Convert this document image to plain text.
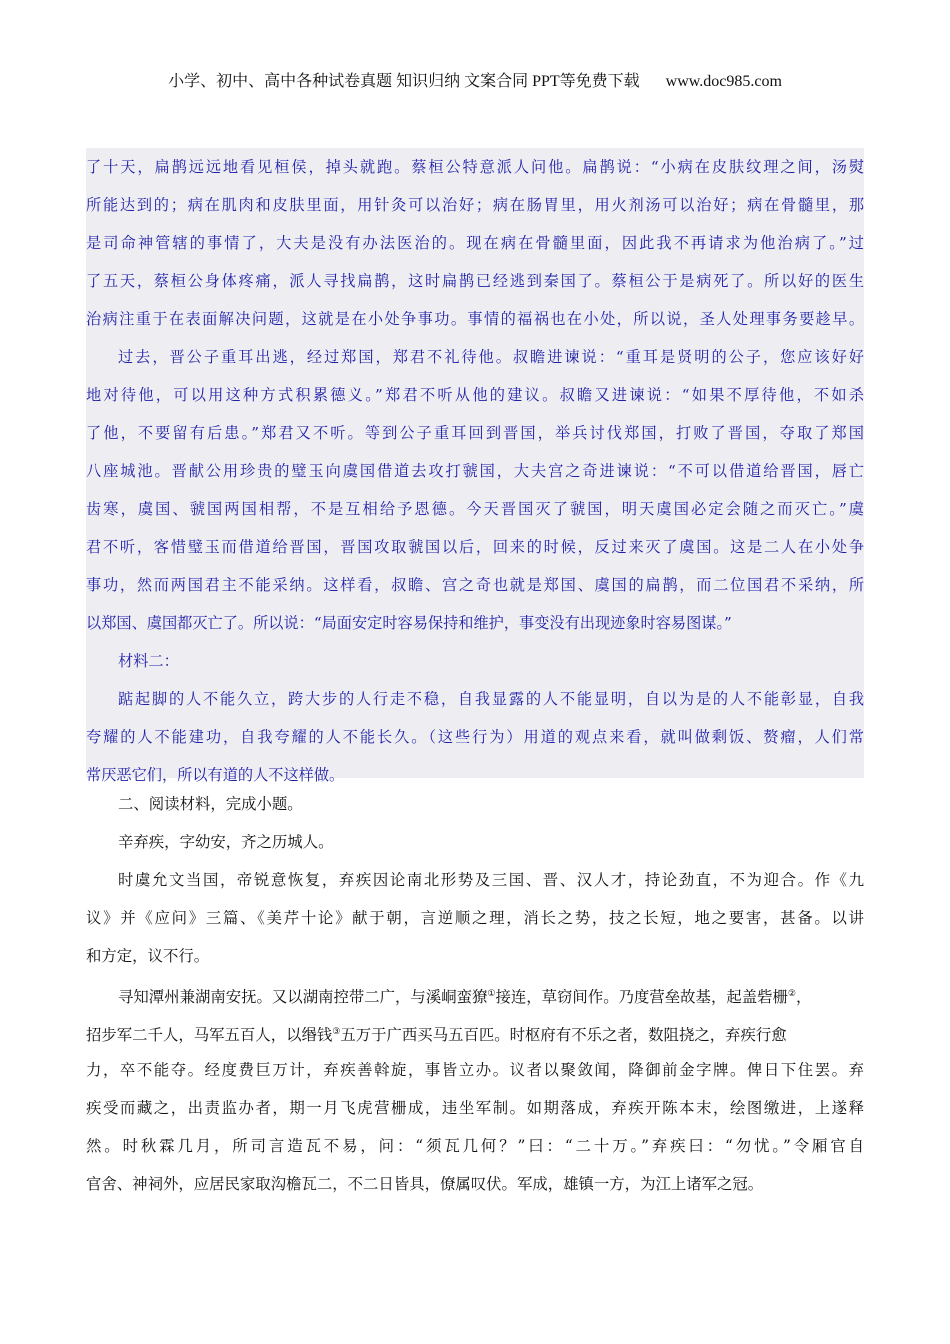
小学、初中、高中各种试卷真题 知识归纳 文案合同 PPT等免费下载 www.doc985.com
了十天，扁鹊远远地看见桓侯，掉头就跑。蔡桓公特意派人问他。扁鹊说：“小病在皮肤纹理之间，汤熨
所能达到的；病在肌肉和皮肤里面，用针灸可以治好；病在肠胃里，用火剂汤可以治好；病在骨髓里，那
是司命神管辖的事情了，大夫是没有办法医治的。现在病在骨髓里面，因此我不再请求为他治病了。”过
了五天，蔡桓公身体疼痛，派人寻找扁鹊，这时扁鹊已经逃到秦国了。蔡桓公于是病死了。所以好的医生
治病注重于在表面解决问题，这就是在小处争事功。事情的福祸也在小处，所以说，圣人处理事务要趁早。
过去，晋公子重耳出逃，经过郑国，郑君不礼待他。叔瞻进谏说：“重耳是贤明的公子，您应该好好
地对待他，可以用这种方式积累德义。”郑君不听从他的建议。叔瞻又进谏说：“如果不厚待他，不如杀
了他，不要留有后患。”郑君又不听。等到公子重耳回到晋国，举兵讨伐郑国，打败了晋国，夺取了郑国
八座城池。晋献公用珍贵的璧玉向虞国借道去攻打虢国，大夫宫之奇进谏说：“不可以借道给晋国，唇亡
齿寒，虞国、虢国两国相帮，不是互相给予恩德。今天晋国灭了虢国，明天虞国必定会随之而灭亡。”虞
君不听，客惜璧玉而借道给晋国，晋国攻取虢国以后，回来的时候，反过来灭了虞国。这是二人在小处争
事功，然而两国君主不能采纳。这样看，叔瞻、宫之奇也就是郑国、虞国的扁鹊，而二位国君不采纳，所
以郑国、虞国都灭亡了。所以说：“局面安定时容易保持和维护，事变没有出现迹象时容易图谋。”
材料二：
踮起脚的人不能久立，跨大步的人行走不稳，自我显露的人不能显明，自以为是的人不能彰显，自我
夸耀的人不能建功，自我夸耀的人不能长久。（这些行为）用道的观点来看，就叫做剩饭、赘瘤，人们常
常厌恶它们，所以有道的人不这样做。
二、阅读材料，完成小题。
辛弃疾，字幼安，齐之历城人。
时虞允文当国，帝锐意恢复，弃疾因论南北形势及三国、晋、汉人才，持论劲直，不为迎合。作《九
议》并《应问》三篇、《美芹十论》献于朝，言逆顺之理，消长之势，技之长短，地之要害，甚备。以讲
和方定，议不行。
寻知潭州兼湖南安抚。又以湖南控带二广，与溪峒蛮獠①接连，草窃间作。乃度营垒故基，起盖砦栅②，
招步军二千人，马军五百人，以缗钱③五万于广西买马五百匹。时枢府有不乐之者，数阻挠之，弃疾行愈
力，卒不能夺。经度费巨万计，弃疾善斡旋，事皆立办。议者以聚敛闻，降御前金字牌。俾日下住罢。弃
疾受而藏之，出责监办者，期一月飞虎营栅成，违坐军制。如期落成，弃疾开陈本末，绘图缴进，上遂释
然。时秋霖几月，所司言造瓦不易，问：“须瓦几何？”曰：“二十万。”弃疾曰：“勿忧。”令厢官自
官舍、神祠外，应居民家取沟檐瓦二，不二日皆具，僚属叹伏。军成，雄镇一方，为江上诸军之冠。
